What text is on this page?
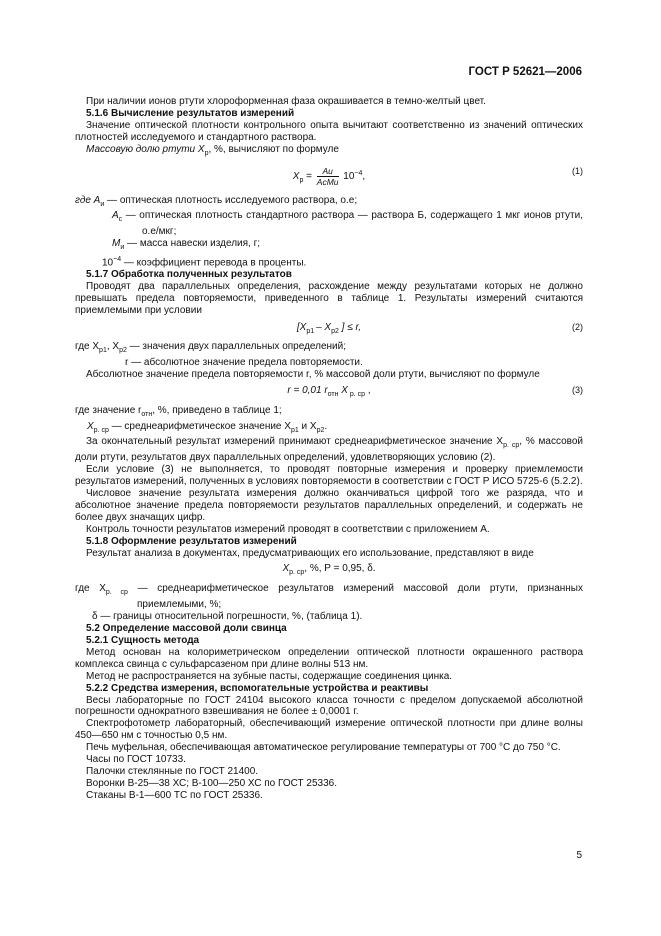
ГОСТ Р 52621—2006

При наличии ионов ртути хлороформенная фаза окрашивается в темно-желтый цвет.

5.1.6 Вычисление результатов измерений

Значение оптической плотности контрольного опыта вычитают соответственно из значений оптических плотностей исследуемого и стандартного раствора.

Массовую долю ртути $X_р$, %, вычисляют по формуле

$X_р = \frac{Aи}{\text{AсMи}} 10^{-4}$,
(1)

где $A_и$ — оптическая плотность исследуемого раствора, о.е;

$A_с$ — оптическая плотность стандартного раствора — раствора Б, содержащего 1 мкг ионов ртути, о.е/мкг;

$M_и$ — масса навески изделия, г;

$10^{-4}$ — коэффициент перевода в проценты.

5.1.7 Обработка полученных результатов

Проводят два параллельных определения, расхождение между результатами которых не должно превышать предела повторяемости, приведенного в таблице 1. Результаты измерений считаются приемлемыми при условии

[$X_{p1} - X_{p2}$ ] ≤ r,	(2)

где $X_{р1}$, $X_{р2}$ — значения двух параллельных определений;

r — абсолютное значение предела повторяемости.

Абсолютное значение предела повторяемости r, % массовой доли ртути, вычисляют по формуле

r = 0,01 $r_{отн}$ X $_{р. ср}$ ,	(3)

где значение $r_{отн}$, %, приведено в таблице 1;

$X_{р. ср}$ — среднеарифметическое значение $X_{р1}$ и $X_{р2}$.

За окончательный результат измерений принимают среднеарифметическое значение $X_{р. ср}$, % массовой доли ртути, результатов двух параллельных определений, удовлетворяющих условию (2).

Если условие (3) не выполняется, то проводят повторные измерения и проверку приемлемости результатов измерений, полученных в условиях повторяемости в соответствии с ГОСТ Р ИСО 5725-6 (5.2.2).

Числовое значение результата измерения должно оканчиваться цифрой того же разряда, что и абсолютное значение предела повторяемости результатов параллельных определений, и содержать не более двух значащих цифр.

Контроль точности результатов измерений проводят в соответствии с приложением А.

5.1.8 Оформление результатов измерений

Результат анализа в документах, предусматривающих его использование, представляют в виде

$X_{р. ср}$, %, P = 0,95, δ.

где $X_{р. ср}$ — среднеарифметическое результатов измерений массовой доли ртути, признанных приемлемыми, %;

δ — границы относительной погрешности, %, (таблица 1).

5.2 Определение массовой доли свинца

5.2.1 Сущность метода

Метод основан на колориметрическом определении оптической плотности окрашенного раствора комплекса свинца с сульфарсазеном при длине волны 513 нм.

Метод не распространяется на зубные пасты, содержащие соединения цинка.

5.2.2 Средства измерения, вспомогательные устройства и реактивы

Весы лабораторные по ГОСТ 24104 высокого класса точности с пределом допускаемой абсолютной погрешности однократного взвешивания не более ± 0,0001 г.

Спектрофотометр лабораторный, обеспечивающий измерение оптической плотности при длине волны 450—650 нм с точностью 0,5 нм.

Печь муфельная, обеспечивающая автоматическое регулирование температуры от 700 °С до 750 °С.

Часы по ГОСТ 10733.

Палочки стеклянные по ГОСТ 21400.

Воронки В-25—38 ХС; В-100—250 ХС по ГОСТ 25336.

Стаканы В-1—600 ТС по ГОСТ 25336.

5
